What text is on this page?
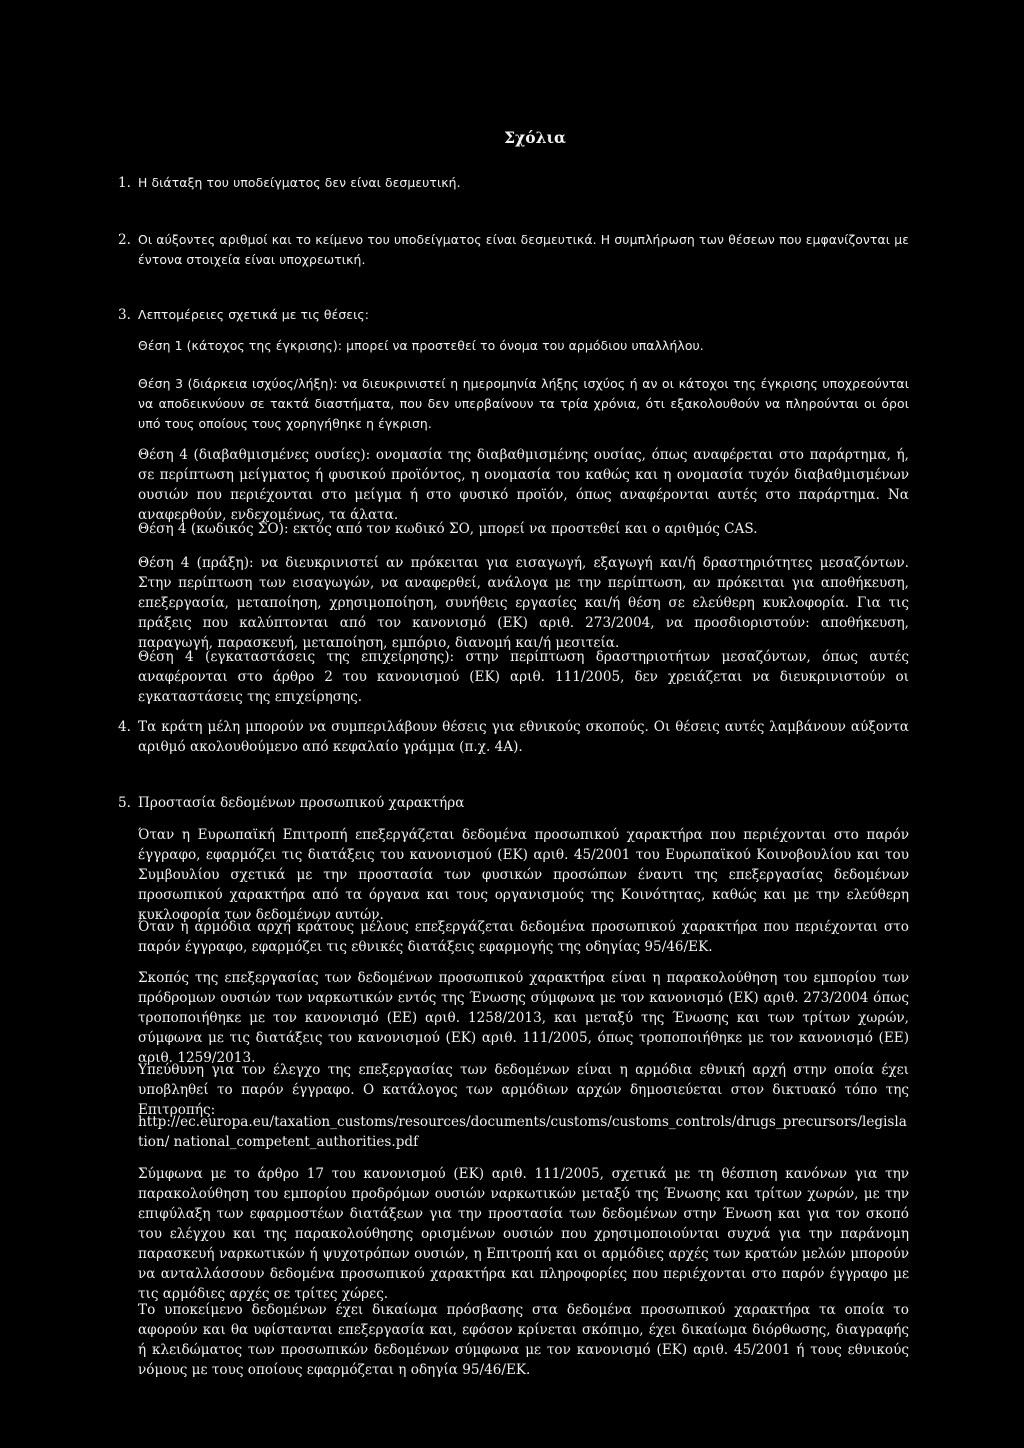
Σχόλια
1. Η διάταξη του υποδείγματος δεν είναι δεσμευτική.
2. Οι αύξοντες αριθμοί και το κείμενο του υποδείγματος είναι δεσμευτικά. Η συμπλήρωση των θέσεων που εμφανίζονται με έντονα στοιχεία είναι υποχρεωτική.
3. Λεπτομέρειες σχετικά με τις θέσεις:
Θέση 1 (κάτοχος της έγκρισης): μπορεί να προστεθεί το όνομα του αρμόδιου υπαλλήλου.
Θέση 3 (διάρκεια ισχύος/λήξη): να διευκρινιστεί η ημερομηνία λήξης ισχύος ή αν οι κάτοχοι της έγκρισης υποχρεούνται να αποδεικνύουν σε τακτά διαστήματα, που δεν υπερβαίνουν τα τρία χρόνια, ότι εξακολουθούν να πληρούνται οι όροι υπό τους οποίους τους χορηγήθηκε η έγκριση.
Θέση 4 (διαβαθμισμένες ουσίες): ονομασία της διαβαθμισμένης ουσίας, όπως αναφέρεται στο παράρτημα, ή, σε περίπτωση μείγματος ή φυσικού προϊόντος, η ονομασία του καθώς και η ονομασία τυχόν διαβαθμισμένων ουσιών που περιέχονται στο μείγμα ή στο φυσικό προϊόν, όπως αναφέρονται αυτές στο παράρτημα. Να αναφερθούν, ενδεχομένως, τα άλατα.
Θέση 4 (κωδικός ΣΟ): εκτός από τον κωδικό ΣΟ, μπορεί να προστεθεί και ο αριθμός CAS.
Θέση 4 (πράξη): να διευκρινιστεί αν πρόκειται για εισαγωγή, εξαγωγή και/ή δραστηριότητες μεσαζόντων. Στην περίπτωση των εισαγωγών, να αναφερθεί, ανάλογα με την περίπτωση, αν πρόκειται για αποθήκευση, επεξεργασία, μεταποίηση, χρησιμοποίηση, συνήθεις εργασίες και/ή θέση σε ελεύθερη κυκλοφορία. Για τις πράξεις που καλύπτονται από τον κανονισμό (ΕΚ) αριθ. 273/2004, να προσδιοριστούν: αποθήκευση, παραγωγή, παρασκευή, μεταποίηση, εμπόριο, διανομή και/ή μεσιτεία.
Θέση 4 (εγκαταστάσεις της επιχείρησης): στην περίπτωση δραστηριοτήτων μεσαζόντων, όπως αυτές αναφέρονται στο άρθρο 2 του κανονισμού (ΕΚ) αριθ. 111/2005, δεν χρειάζεται να διευκρινιστούν οι εγκαταστάσεις της επιχείρησης.
4. Τα κράτη μέλη μπορούν να συμπεριλάβουν θέσεις για εθνικούς σκοπούς. Οι θέσεις αυτές λαμβάνουν αύξοντα αριθμό ακολουθούμενο από κεφαλαίο γράμμα (π.χ. 4Α).
5. Προστασία δεδομένων προσωπικού χαρακτήρα
Όταν η Ευρωπαϊκή Επιτροπή επεξεργάζεται δεδομένα προσωπικού χαρακτήρα που περιέχονται στο παρόν έγγραφο, εφαρμόζει τις διατάξεις του κανονισμού (ΕΚ) αριθ. 45/2001 του Ευρωπαϊκού Κοινοβουλίου και του Συμβουλίου σχετικά με την προστασία των φυσικών προσώπων έναντι της επεξεργασίας δεδομένων προσωπικού χαρακτήρα από τα όργανα και τους οργανισμούς της Κοινότητας, καθώς και με την ελεύθερη κυκλοφορία των δεδομένων αυτών.
Όταν η αρμόδια αρχή κράτους μέλους επεξεργάζεται δεδομένα προσωπικού χαρακτήρα που περιέχονται στο παρόν έγγραφο, εφαρμόζει τις εθνικές διατάξεις εφαρμογής της οδηγίας 95/46/ΕΚ.
Σκοπός της επεξεργασίας των δεδομένων προσωπικού χαρακτήρα είναι η παρακολούθηση του εμπορίου των πρόδρομων ουσιών των ναρκωτικών εντός της Ένωσης σύμφωνα με τον κανονισμό (ΕΚ) αριθ. 273/2004 όπως τροποποιήθηκε με τον κανονισμό (ΕΕ) αριθ. 1258/2013, και μεταξύ της Ένωσης και των τρίτων χωρών, σύμφωνα με τις διατάξεις του κανονισμού (ΕΚ) αριθ. 111/2005, όπως τροποποιήθηκε με τον κανονισμό (ΕΕ) αριθ. 1259/2013.
Υπεύθυνη για τον έλεγχο της επεξεργασίας των δεδομένων είναι η αρμόδια εθνική αρχή στην οποία έχει υποβληθεί το παρόν έγγραφο. Ο κατάλογος των αρμόδιων αρχών δημοσιεύεται στον δικτυακό τόπο της Επιτροπής:
http://ec.europa.eu/taxation_customs/resources/documents/customs/customs_controls/drugs_precursors/legislation/ national_competent_authorities.pdf
Σύμφωνα με το άρθρο 17 του κανονισμού (ΕΚ) αριθ. 111/2005, σχετικά με τη θέσπιση κανόνων για την παρακολούθηση του εμπορίου προδρόμων ουσιών ναρκωτικών μεταξύ της Ένωσης και τρίτων χωρών, με την επιφύλαξη των εφαρμοστέων διατάξεων για την προστασία των δεδομένων στην Ένωση και για τον σκοπό του ελέγχου και της παρακολούθησης ορισμένων ουσιών που χρησιμοποιούνται συχνά για την παράνομη παρασκευή ναρκωτικών ή ψυχοτρόπων ουσιών, η Επιτροπή και οι αρμόδιες αρχές των κρατών μελών μπορούν να ανταλλάσσουν δεδομένα προσωπικού χαρακτήρα και πληροφορίες που περιέχονται στο παρόν έγγραφο με τις αρμόδιες αρχές σε τρίτες χώρες.
Το υποκείμενο δεδομένων έχει δικαίωμα πρόσβασης στα δεδομένα προσωπικού χαρακτήρα τα οποία το αφορούν και θα υφίστανται επεξεργασία και, εφόσον κρίνεται σκόπιμο, έχει δικαίωμα διόρθωσης, διαγραφής ή κλειδώματος των προσωπικών δεδομένων σύμφωνα με τον κανονισμό (ΕΚ) αριθ. 45/2001 ή τους εθνικούς νόμους με τους οποίους εφαρμόζεται η οδηγία 95/46/ΕΚ.
